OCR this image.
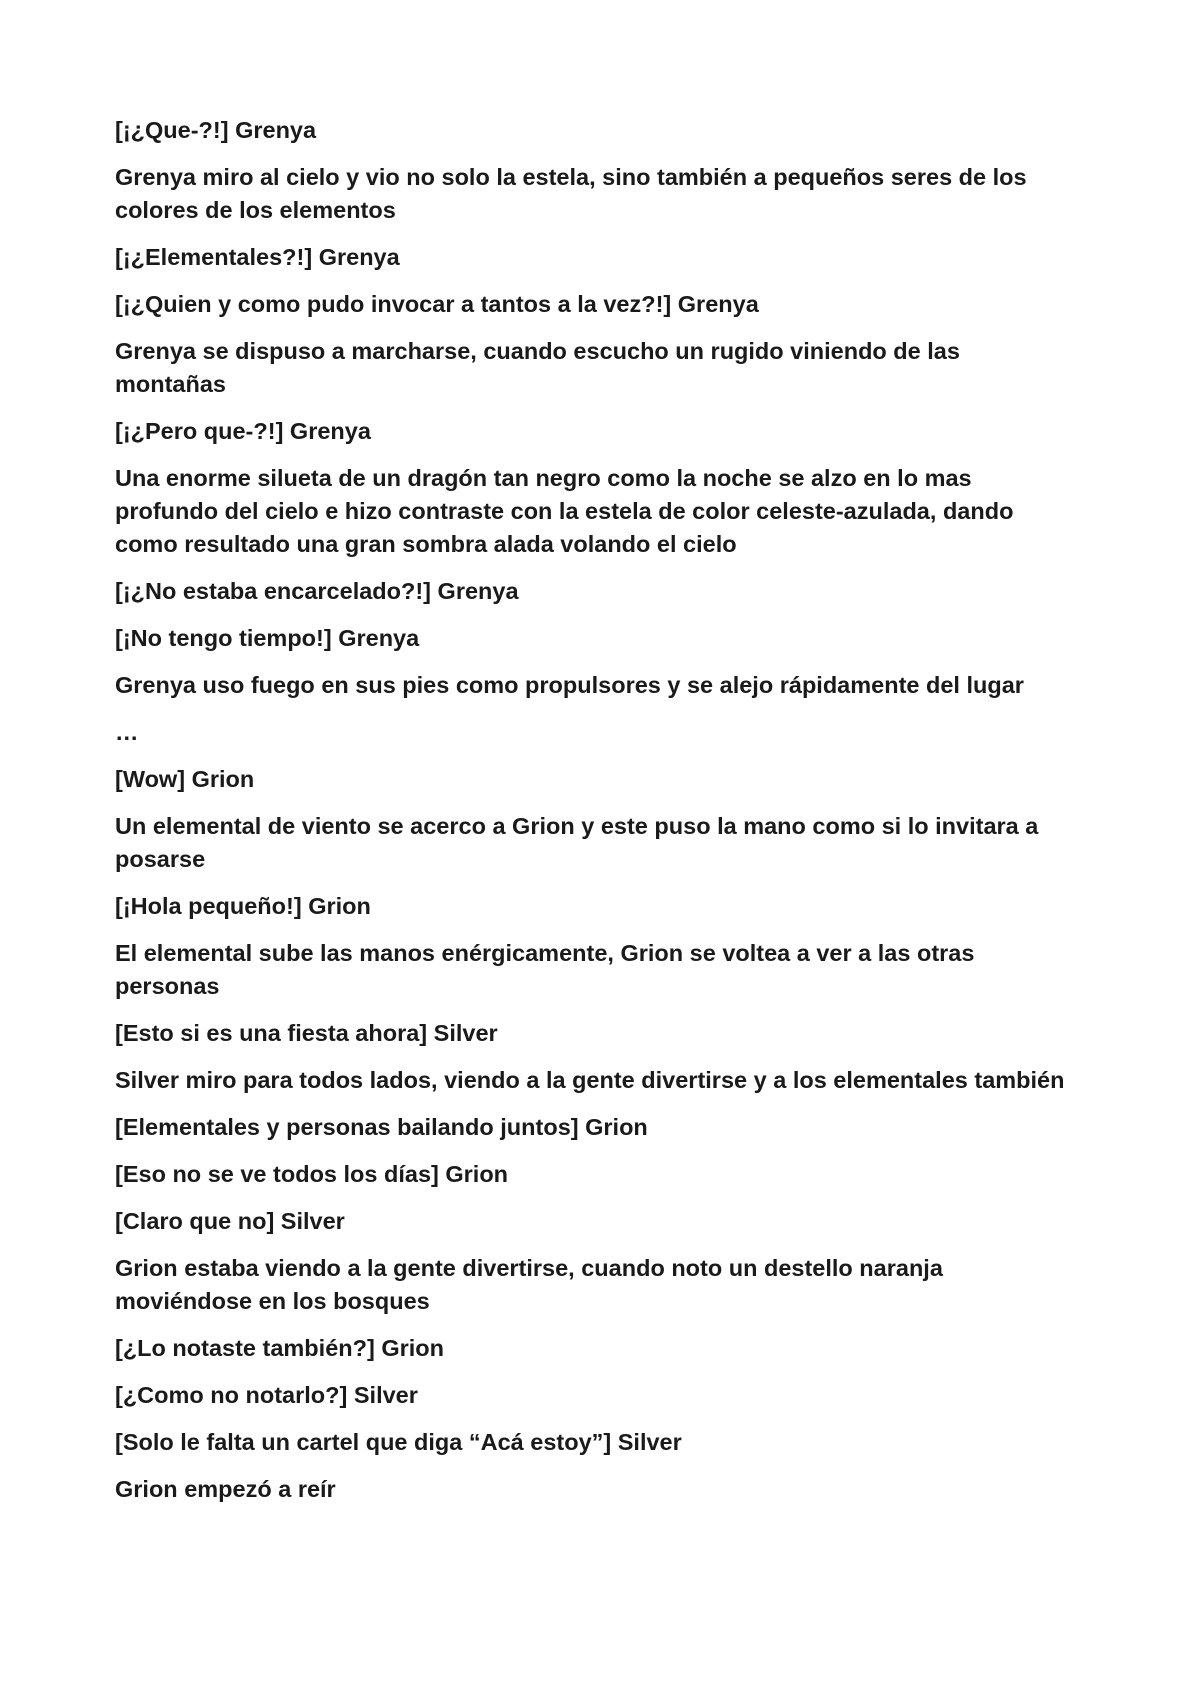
[¡¿Que-?!] Grenya

Grenya miro al cielo y vio no solo la estela, sino también a pequeños seres de los colores de los elementos

[¡¿Elementales?!] Grenya

[¡¿Quien y como pudo invocar a tantos a la vez?!] Grenya

Grenya se dispuso a marcharse, cuando escucho un rugido viniendo de las montañas

[¡¿Pero que-?!] Grenya

Una enorme silueta de un dragón tan negro como la noche se alzo en lo mas profundo del cielo e hizo contraste con la estela de color celeste-azulada, dando como resultado una gran sombra alada volando el cielo

[¡¿No estaba encarcelado?!] Grenya

[¡No tengo tiempo!] Grenya

Grenya uso fuego en sus pies como propulsores y se alejo rápidamente del lugar

…

[Wow] Grion

Un elemental de viento se acerco a Grion y este puso la mano como si lo invitara a posarse

[¡Hola pequeño!] Grion

El elemental sube las manos enérgicamente, Grion se voltea a ver a las otras personas

[Esto si es una fiesta ahora] Silver

Silver miro para todos lados, viendo a la gente divertirse y a los elementales también

[Elementales y personas bailando juntos] Grion

[Eso no se ve todos los días] Grion

[Claro que no] Silver

Grion estaba viendo a la gente divertirse, cuando noto un destello naranja moviéndose en los bosques

[¿Lo notaste también?] Grion

[¿Como no notarlo?] Silver

[Solo le falta un cartel que diga “Acá estoy”] Silver

Grion empezó a reír
